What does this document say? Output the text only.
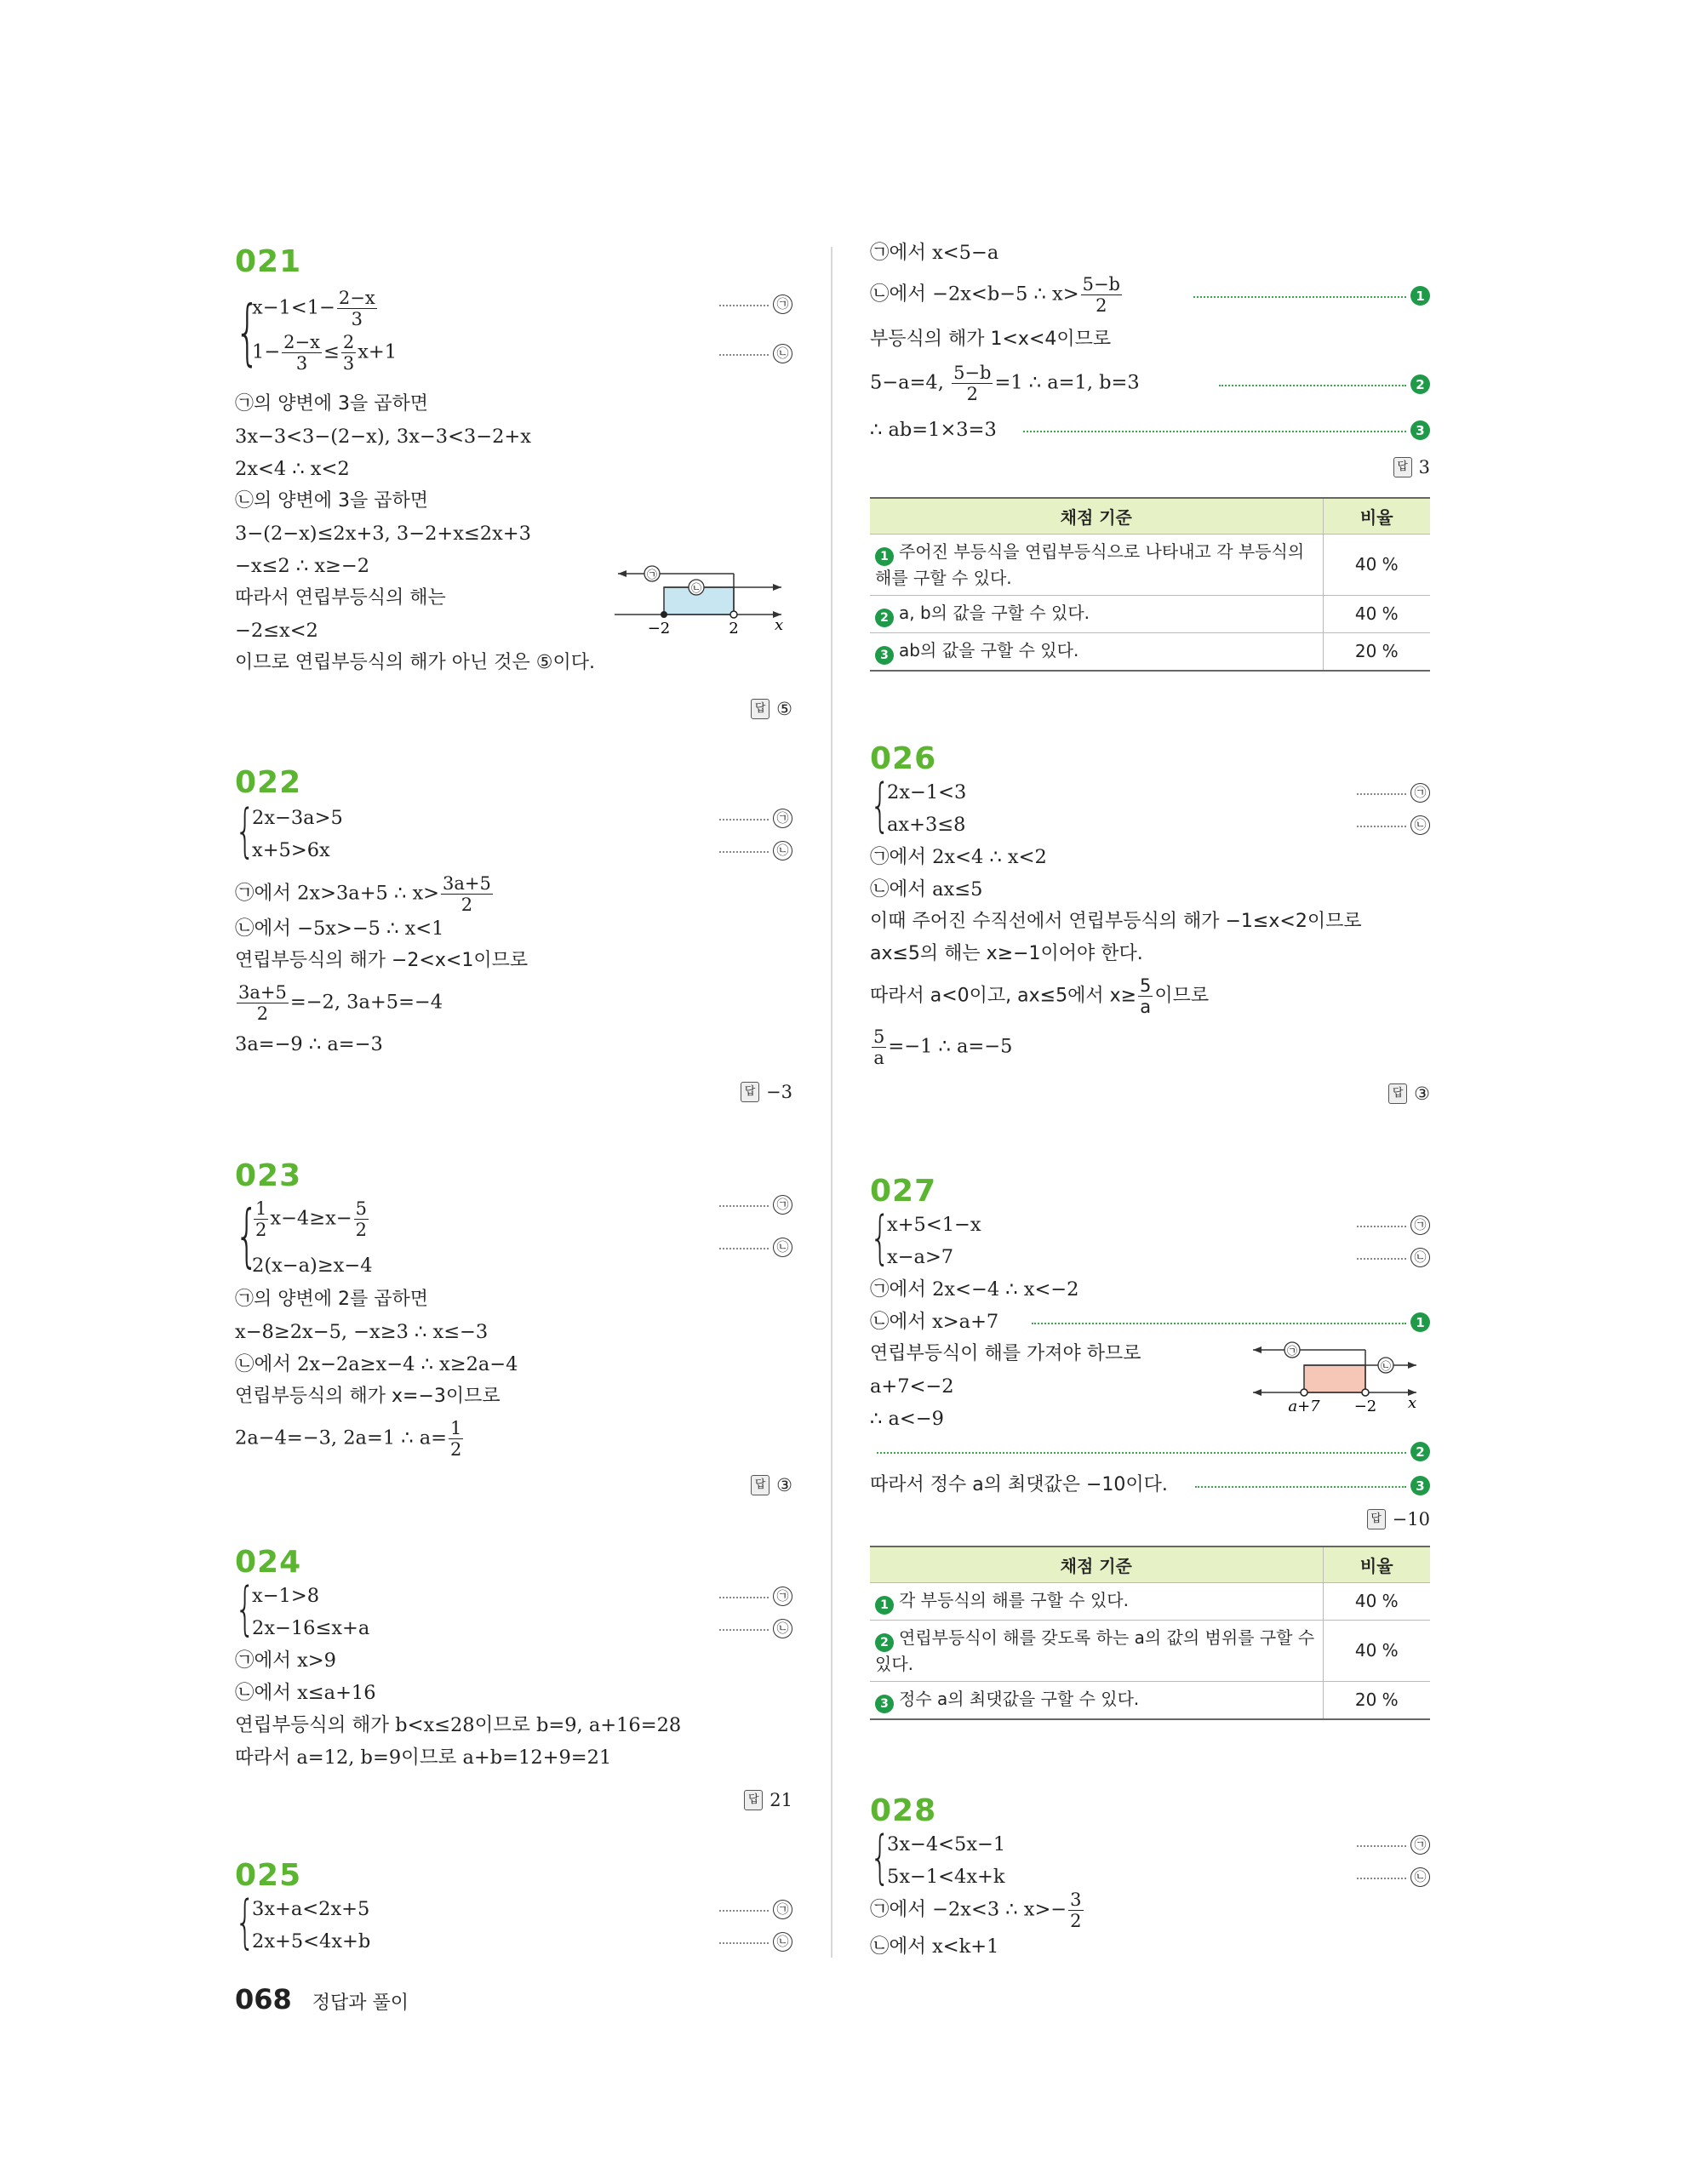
021
{
$x-1<1- \frac{2-x}{3}$	㉠
$1- \frac{2-x}{3} \le \frac{2}{3} x+1$	㉡
㉠의 양변에 3을 곱하면
3x−3<3−(2−x), 3x−3<3−2+x
2x<4 ∴ x<2
㉡의 양변에 3을 곱하면
3−(2−x)≤2x+3, 3−2+x≤2x+3
−x≤2 ∴ x≥−2
따라서 연립부등식의 해는
−2≤x<2
이므로 연립부등식의 해가 아닌 것은 ⑤이다.
㉠
㉡
−2	2 x
답 ⑤
022
{
2x−3a>5	㉠
x+5>6x	㉡
㉠에서 2x>3a+5 ∴ $x> \frac{3a+5}{2}$
㉡에서 −5x>−5 ∴ x<1
연립부등식의 해가 −2<x<1이므로
$\frac{3a+5}{2} =-2$, 3a+5=−4
3a=−9 ∴ a=−3
답 −3
023
{
$\frac{1}{2} x-4\ge x- \frac{5}{2}$	㉠
2(x−a)≥x−4
㉡
㉠의 양변에 2를 곱하면
x−8≥2x−5, −x≥3 ∴ x≤−3
㉡에서 2x−2a≥x−4 ∴ x≥2a−4
연립부등식의 해가 x=−3이므로
2a−4=−3, 2a=1 ∴ $a= \frac{1}{2}$
답 ③
024
{
x−1>8	㉠
2x−16≤x+a	㉡
㉠에서 x>9
㉡에서 x≤a+16
연립부등식의 해가 b<x≤28이므로 b=9, a+16=28
따라서 a=12, b=9이므로 a+b=12+9=21
답 21
025
{
3x+a<2x+5	㉠
2x+5<4x+b	㉡
㉠에서 x<5−a
㉡에서 −2x<b−5 ∴ $x> \frac{5-b}{2}$	1
부등식의 해가 1<x<4이므로
5−a=4, $\frac{5-b}{2} =1$ ∴ a=1, b=3	2
∴ ab=1×3=3	3
답 3
채점 기준	비율
1 주어진 부등식을 연립부등식으로 나타내고 각 부등식의 해를 구할 수 있다.	40 %
2 a, b의 값을 구할 수 있다.	40 %
3 ab의 값을 구할 수 있다.	20 %
026
{
2x−1<3	㉠
ax+3≤8	㉡
㉠에서 2x<4 ∴ x<2
㉡에서 ax≤5
이때 주어진 수직선에서 연립부등식의 해가 −1≤x<2이므로
ax≤5의 해는 x≥−1이어야 한다.
따라서 a<0이고, ax≤5에서 $x\ge \frac{5}{a}$ 이므로
$\frac{5}{a} =-1$ ∴ a=−5
답 ③
027
{
x+5<1−x	㉠
x−a>7	㉡
㉠에서 2x<−4 ∴ x<−2
㉡에서 x>a+7	1
연립부등식이 해를 가져야 하므로
a+7<−2
∴ a<−9
㉠
㉡
a+7 −2 x
2
따라서 정수 a의 최댓값은 −10이다.	3
답 −10
채점 기준	비율
1 각 부등식의 해를 구할 수 있다.	40 %
2 연립부등식이 해를 갖도록 하는 a의 값의 범위를 구할 수 있다.	40 %
3 정수 a의 최댓값을 구할 수 있다.	20 %
028
{
3x−4<5x−1	㉠
5x−1<4x+k	㉡
㉠에서 −2x<3 ∴ $x>- \frac{3}{2}$
㉡에서 x<k+1
068 정답과 풀이
